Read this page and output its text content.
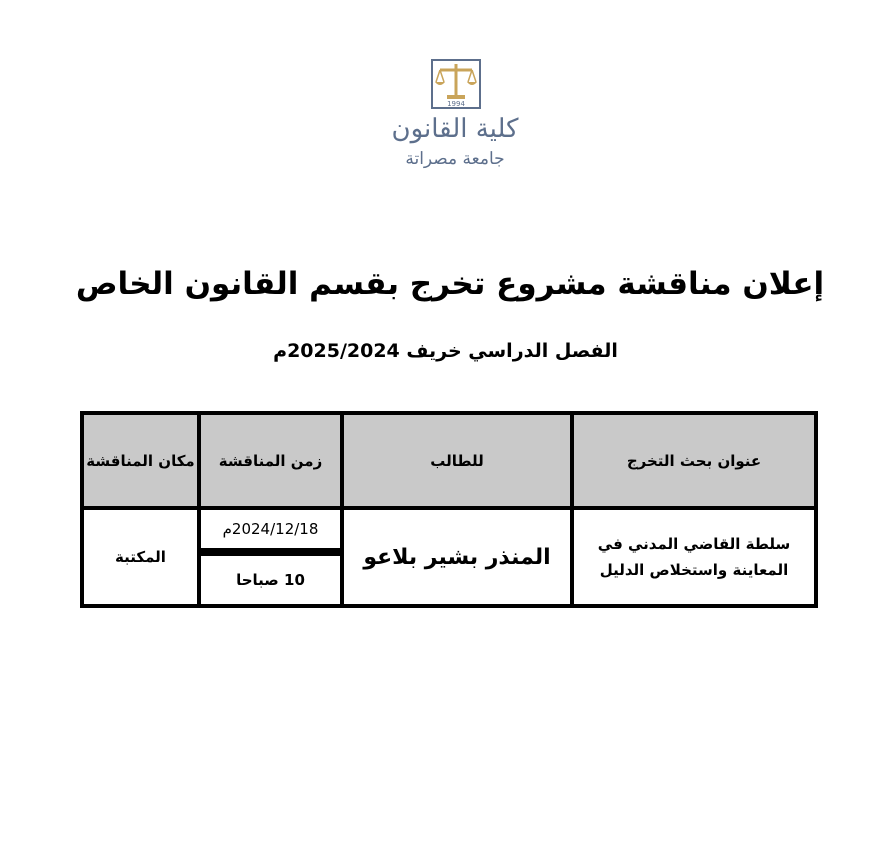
1994
كلية القانون
جامعة مصراتة
إعلان مناقشة مشروع تخرج بقسم القانون الخاص
الفصل الدراسي خريف 2025/2024م
عنوان بحث التخرج
للطالب
زمن المناقشة
مكان المناقشة
سلطة القاضي المدني في المعاينة واستخلاص الدليل
المنذر بشير بلاعو
2024/12/18م
10 صباحا
المكتبة
